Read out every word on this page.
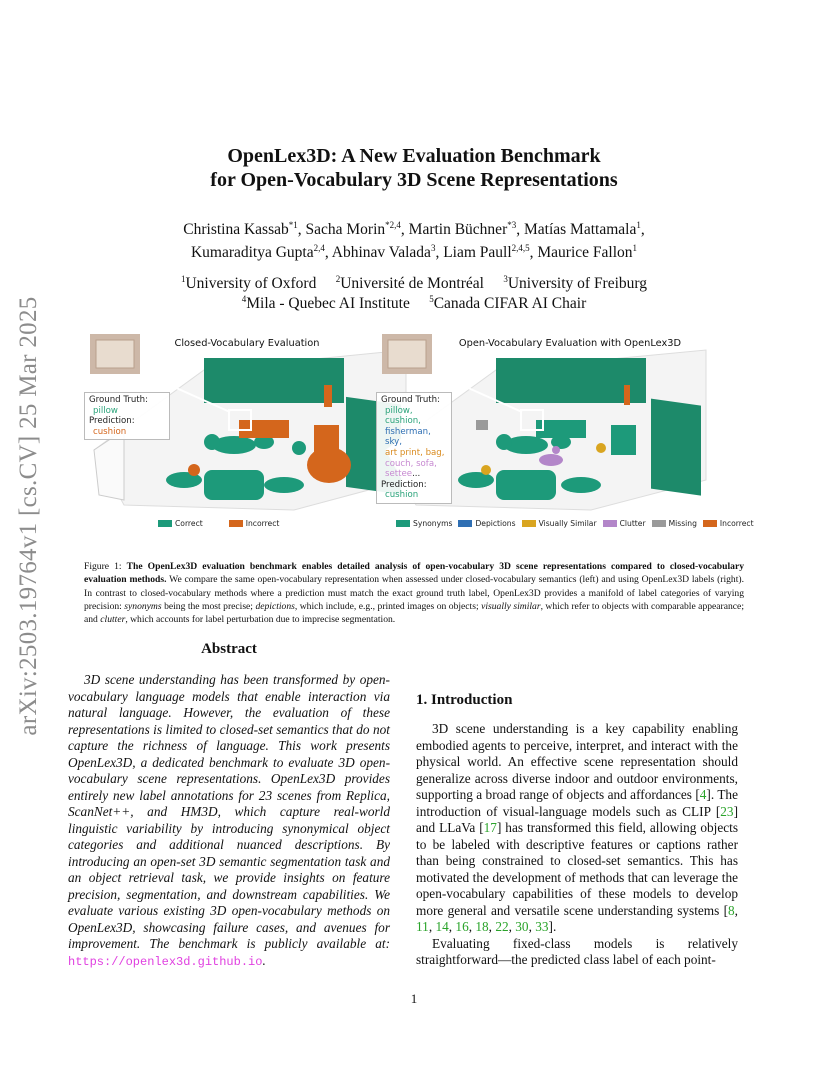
arXiv:2503.19764v1 [cs.CV] 25 Mar 2025
OpenLex3D: A New Evaluation Benchmark
for Open-Vocabulary 3D Scene Representations
Christina Kassab$^{*1}$, Sacha Morin$^{*2,4}$, Martin Büchner$^{*3}$, Matías Mattamala$^1$,
Kumaraditya Gupta$^{2,4}$, Abhinav Valada$^3$, Liam Paull$^{2,4,5}$, Maurice Fallon$^1$
$^1$University of Oxford  $^2$Université de Montréal  $^3$University of Freiburg
$^4$Mila - Quebec AI Institute  $^5$Canada CIFAR AI Chair
Closed-Vocabulary Evaluation
Ground Truth:
pillow
Prediction:
cushion
Correct	Incorrect
Open-Vocabulary Evaluation with OpenLex3D
Ground Truth:
pillow,
cushion,
fisherman, sky,
art print, bag,
couch, sofa,
settee...
Prediction:
cushion
Synonyms	Depictions	Visually Similar	Clutter	Missing	Incorrect
Figure 1: The OpenLex3D evaluation benchmark enables detailed analysis of open-vocabulary 3D scene representations compared to closed-vocabulary evaluation methods. We compare the same open-vocabulary representation when assessed under closed-vocabulary semantics (left) and using OpenLex3D labels (right). In contrast to closed-vocabulary methods where a prediction must match the exact ground truth label, OpenLex3D provides a manifold of label categories of varying precision: synonyms being the most precise; depictions, which include, e.g., printed images on objects; visually similar, which refer to objects with comparable appearance; and clutter, which accounts for label perturbation due to imprecise segmentation.
Abstract
3D scene understanding has been transformed by open-vocabulary language models that enable interaction via natural language. However, the evaluation of these representations is limited to closed-set semantics that do not capture the richness of language. This work presents OpenLex3D, a dedicated benchmark to evaluate 3D open-vocabulary scene representations. OpenLex3D provides entirely new label annotations for 23 scenes from Replica, ScanNet++, and HM3D, which capture real-world linguistic variability by introducing synonymical object categories and additional nuanced descriptions. By introducing an open-set 3D semantic segmentation task and an object retrieval task, we provide insights on feature precision, segmentation, and downstream capabilities. We evaluate various existing 3D open-vocabulary methods on OpenLex3D, showcasing failure cases, and avenues for improvement. The benchmark is publicly available at: https://openlex3d.github.io.
1. Introduction
3D scene understanding is a key capability enabling embodied agents to perceive, interpret, and interact with the physical world. An effective scene representation should generalize across diverse indoor and outdoor environments, supporting a broad range of objects and affordances [4]. The introduction of visual-language models such as CLIP [23] and LLaVa [17] has transformed this field, allowing objects to be labeled with descriptive features or captions rather than being constrained to closed-set semantics. This has motivated the development of methods that can leverage the open-vocabulary capabilities of these models to develop more general and versatile scene understanding systems [8, 11, 14, 16, 18, 22, 30, 33].
Evaluating fixed-class models is relatively straightforward—the predicted class label of each point-
1
